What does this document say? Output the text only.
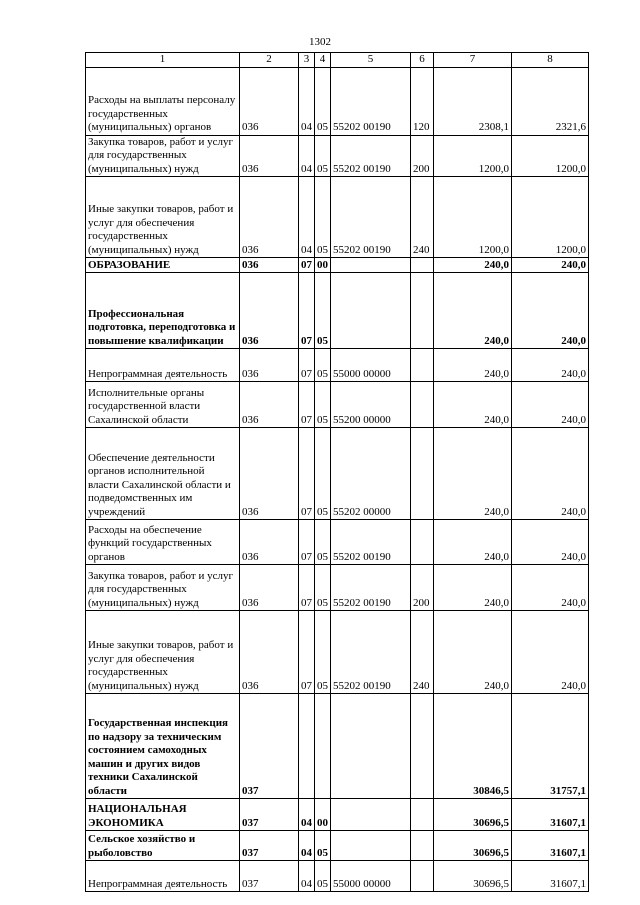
1302
1	2	3	4	5	6	7	8
Расходы на выплаты персоналу государственных (муниципальных) органов	036	04	05	55202 00190	120	2308,1	2321,6
Закупка товаров, работ и услуг для государственных (муниципальных) нужд	036	04	05	55202 00190	200	1200,0	1200,0
Иные закупки товаров, работ и услуг для обеспечения государственных (муниципальных) нужд	036	04	05	55202 00190	240	1200,0	1200,0
ОБРАЗОВАНИЕ	036	07	00			240,0	240,0
Профессиональная подготовка, переподготовка и повышение квалификации	036	07	05			240,0	240,0
Непрограммная деятельность	036	07	05	55000 00000		240,0	240,0
Исполнительные органы государственной власти Сахалинской области	036	07	05	55200 00000		240,0	240,0
Обеспечение деятельности органов исполнительной власти Сахалинской области и подведомственных им учреждений	036	07	05	55202 00000		240,0	240,0
Расходы на обеспечение функций государственных органов	036	07	05	55202 00190		240,0	240,0
Закупка товаров, работ и услуг для государственных (муниципальных) нужд	036	07	05	55202 00190	200	240,0	240,0
Иные закупки товаров, работ и услуг для обеспечения государственных (муниципальных) нужд	036	07	05	55202 00190	240	240,0	240,0
Государственная инспекция по надзору за техническим состоянием самоходных машин и других видов техники Сахалинской области	037					30846,5	31757,1
НАЦИОНАЛЬНАЯ ЭКОНОМИКА	037	04	00			30696,5	31607,1
Сельское хозяйство и рыболовство	037	04	05			30696,5	31607,1
Непрограммная деятельность	037	04	05	55000 00000		30696,5	31607,1
